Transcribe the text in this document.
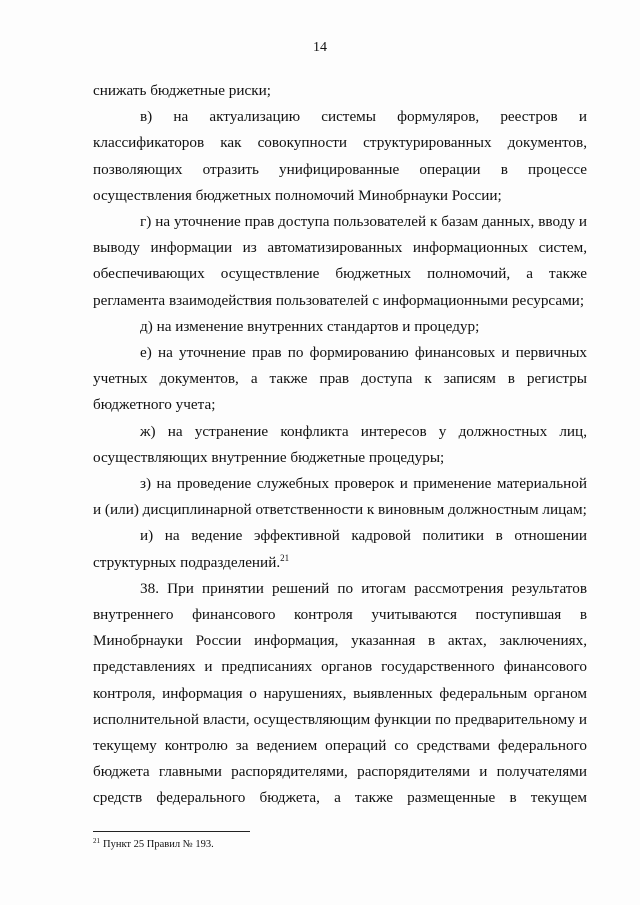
14

снижать бюджетные риски;

в) на актуализацию системы формуляров, реестров и классификаторов как совокупности структурированных документов, позволяющих отразить унифицированные операции в процессе осуществления бюджетных полномочий Минобрнауки России;

г) на уточнение прав доступа пользователей к базам данных, вводу и выводу информации из автоматизированных информационных систем, обеспечивающих осуществление бюджетных полномочий, а также регламента взаимодействия пользователей с информационными ресурсами;

д) на изменение внутренних стандартов и процедур;

е) на уточнение прав по формированию финансовых и первичных учетных документов, а также прав доступа к записям в регистры бюджетного учета;

ж) на устранение конфликта интересов у должностных лиц, осуществляющих внутренние бюджетные процедуры;

з) на проведение служебных проверок и применение материальной и (или) дисциплинарной ответственности к виновным должностным лицам;

и) на ведение эффективной кадровой политики в отношении структурных подразделений.$^{21}$

38. При принятии решений по итогам рассмотрения результатов внутреннего финансового контроля учитываются поступившая в Минобрнауки России информация, указанная в актах, заключениях, представлениях и предписаниях органов государственного финансового контроля, информация о нарушениях, выявленных федеральным органом исполнительной власти, осуществляющим функции по предварительному и текущему контролю за ведением операций со средствами федерального бюджета главными распорядителями, распорядителями и получателями средств федерального бюджета, а также размещенные в текущем

$^{21}$ Пункт 25 Правил № 193.
